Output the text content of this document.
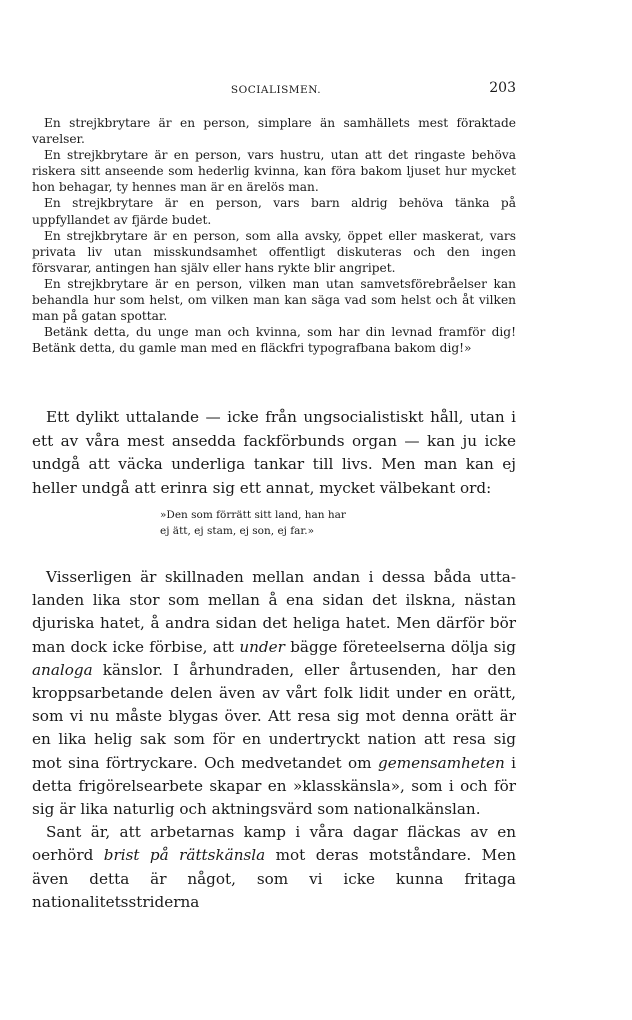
SOCIALISMEN.	203

En strejkbrytare är en person, simplare än samhällets mest föraktade varelser.

En strejkbrytare är en person, vars hustru, utan att det ringaste behöva riskera sitt anseende som hederlig kvinna, kan föra bakom ljuset hur mycket hon behagar, ty hennes man är en ärelös man.

En strejkbrytare är en person, vars barn aldrig behöva tänka på uppfyllandet av fjärde budet.

En strejkbrytare är en person, som alla avsky, öppet eller maskerat, vars privata liv utan misskundsamhet offentligt diskuteras och den ingen försvarar, antingen han själv eller hans rykte blir angripet.

En strejkbrytare är en person, vilken man utan samvetsförebråelser kan behandla hur som helst, om vilken man kan säga vad som helst och åt vilken man på gatan spottar.

Betänk detta, du unge man och kvinna, som har din levnad framför dig! Betänk detta, du gamle man med en fläckfri typografbana bakom dig!»

Ett dylikt uttalande — icke från ungsocialistiskt håll, utan i ett av våra mest ansedda fackförbunds organ — kan ju icke undgå att väcka underliga tankar till livs. Men man kan ej heller undgå att erinra sig ett annat, mycket välbekant ord:

»Den som förrätt sitt land, han har
ej ätt, ej stam, ej son, ej far.»

Visserligen är skillnaden mellan andan i dessa båda uttalanden lika stor som mellan å ena sidan det ilskna, nästan djuriska hatet, å andra sidan det heliga hatet. Men därför bör man dock icke förbise, att under bägge företeelserna dölja sig analoga känslor. I århundraden, eller årtusenden, har den kroppsarbetande delen även av vårt folk lidit under en orätt, som vi nu måste blygas över. Att resa sig mot denna orätt är en lika helig sak som för en undertryckt nation att resa sig mot sina förtryckare. Och medvetandet om gemensamheten i detta frigörelsearbete skapar en »klasskänsla», som i och för sig är lika naturlig och aktningsvärd som nationalkänslan.

Sant är, att arbetarnas kamp i våra dagar fläckas av en oerhörd brist på rättskänsla mot deras motståndare. Men även detta är något, som vi icke kunna fritaga nationalitetsstriderna
